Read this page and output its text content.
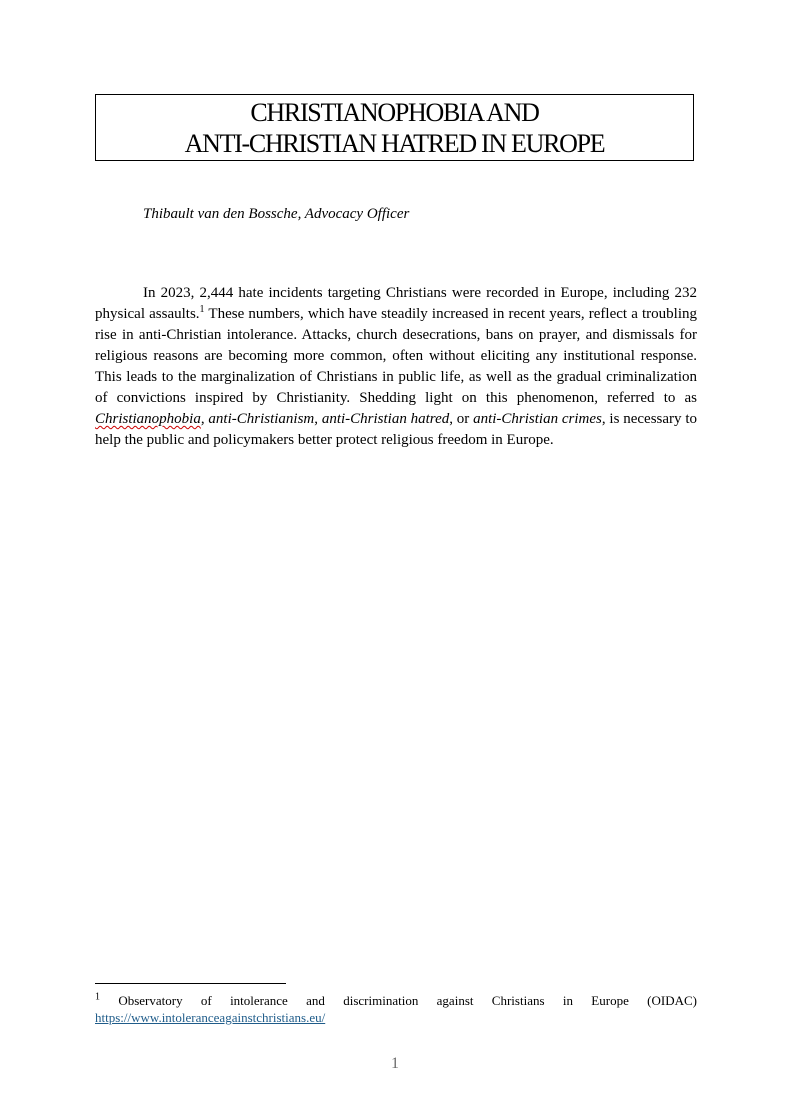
CHRISTIANOPHOBIA AND
ANTI-CHRISTIAN HATRED IN EUROPE
Thibault van den Bossche, Advocacy Officer

In 2023, 2,444 hate incidents targeting Christians were recorded in Europe, including 232 physical assaults.$^1$ These numbers, which have steadily increased in recent years, reflect a troubling rise in anti-Christian intolerance. Attacks, church desecrations, bans on prayer, and dismissals for religious reasons are becoming more common, often without eliciting any institutional response. This leads to the marginalization of Christians in public life, as well as the gradual criminalization of convictions inspired by Christianity. Shedding light on this phenomenon, referred to as Christianophobia, anti-Christianism, anti-Christian hatred, or anti-Christian crimes, is necessary to help the public and policymakers better protect religious freedom in Europe.

$^1$ Observatory of intolerance and discrimination against Christians in Europe (OIDAC)
https://www.intoleranceagainstchristians.eu/
1
